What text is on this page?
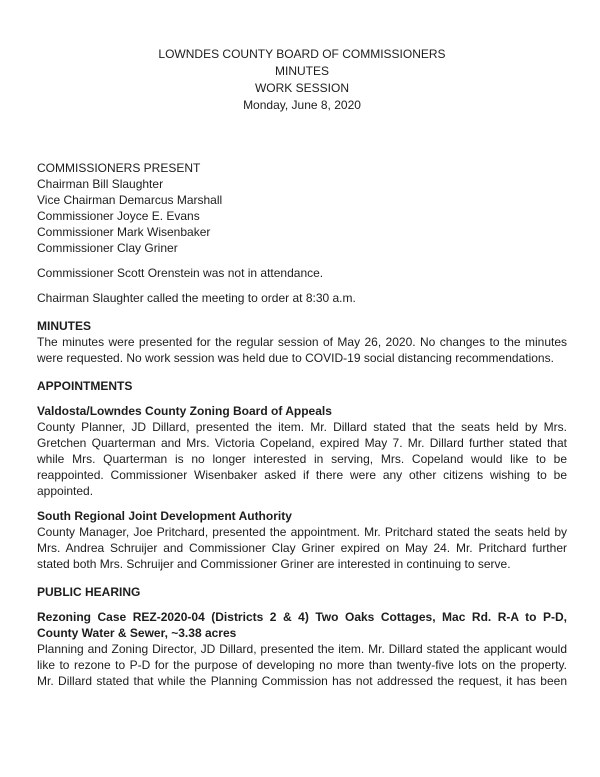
LOWNDES COUNTY BOARD OF COMMISSIONERS
MINUTES
WORK SESSION
Monday, June 8, 2020
COMMISSIONERS PRESENT
Chairman Bill Slaughter
Vice Chairman Demarcus Marshall
Commissioner Joyce E. Evans
Commissioner Mark Wisenbaker
Commissioner Clay Griner

Commissioner Scott Orenstein was not in attendance.

Chairman Slaughter called the meeting to order at 8:30 a.m.

MINUTES

The minutes were presented for the regular session of May 26, 2020. No changes to the minutes were requested. No work session was held due to COVID-19 social distancing recommendations.

APPOINTMENTS
Valdosta/Lowndes County Zoning Board of Appeals

County Planner, JD Dillard, presented the item. Mr. Dillard stated that the seats held by Mrs. Gretchen Quarterman and Mrs. Victoria Copeland, expired May 7. Mr. Dillard further stated that while Mrs. Quarterman is no longer interested in serving, Mrs. Copeland would like to be reappointed. Commissioner Wisenbaker asked if there were any other citizens wishing to be appointed.

South Regional Joint Development Authority

County Manager, Joe Pritchard, presented the appointment. Mr. Pritchard stated the seats held by Mrs. Andrea Schruijer and Commissioner Clay Griner expired on May 24. Mr. Pritchard further stated both Mrs. Schruijer and Commissioner Griner are interested in continuing to serve.

PUBLIC HEARING
Rezoning Case REZ-2020-04 (Districts 2 & 4) Two Oaks Cottages, Mac Rd. R-A to P-D, County Water & Sewer, ~3.38 acres

Planning and Zoning Director, JD Dillard, presented the item. Mr. Dillard stated the applicant would like to rezone to P-D for the purpose of developing no more than twenty-five lots on the property. Mr. Dillard stated that while the Planning Commission has not addressed the request, it has been
